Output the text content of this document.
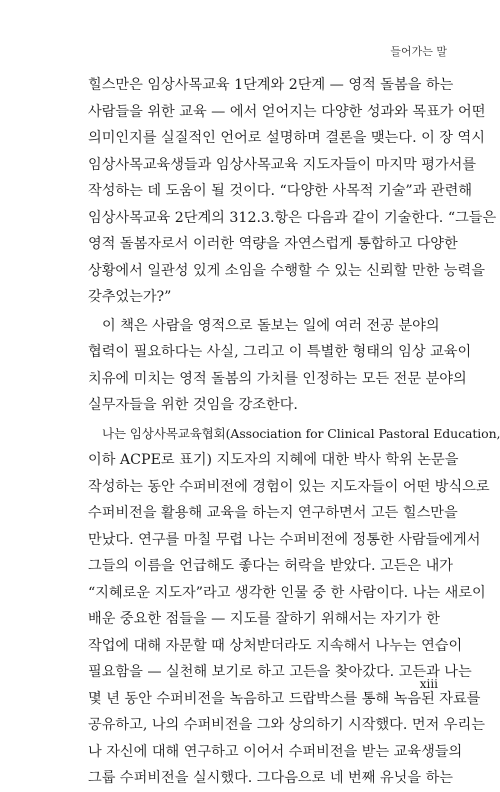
들어가는 말
힐스만은 임상사목교육 1단계와 2단계 — 영적 돌봄을 하는
사람들을 위한 교육 — 에서 얻어지는 다양한 성과와 목표가 어떤
의미인지를 실질적인 언어로 설명하며 결론을 맺는다. 이 장 역시
임상사목교육생들과 임상사목교육 지도자들이 마지막 평가서를
작성하는 데 도움이 될 것이다. “다양한 사목적 기술”과 관련해
임상사목교육 2단계의 312.3.항은 다음과 같이 기술한다. “그들은
영적 돌봄자로서 이러한 역량을 자연스럽게 통합하고 다양한
상황에서 일관성 있게 소임을 수행할 수 있는 신뢰할 만한 능력을
갖추었는가?”
이 책은 사람을 영적으로 돌보는 일에 여러 전공 분야의
협력이 필요하다는 사실, 그리고 이 특별한 형태의 임상 교육이
치유에 미치는 영적 돌봄의 가치를 인정하는 모든 전문 분야의
실무자들을 위한 것임을 강조한다.
나는 임상사목교육협회(Association for Clinical Pastoral Education,
이하 ACPE로 표기) 지도자의 지혜에 대한 박사 학위 논문을
작성하는 동안 수퍼비전에 경험이 있는 지도자들이 어떤 방식으로
수퍼비전을 활용해 교육을 하는지 연구하면서 고든 힐스만을
만났다. 연구를 마칠 무렵 나는 수퍼비전에 정통한 사람들에게서
그들의 이름을 언급해도 좋다는 허락을 받았다. 고든은 내가
“지혜로운 지도자”라고 생각한 인물 중 한 사람이다. 나는 새로이
배운 중요한 점들을 — 지도를 잘하기 위해서는 자기가 한
작업에 대해 자문할 때 상처받더라도 지속해서 나누는 연습이
필요함을 — 실천해 보기로 하고 고든을 찾아갔다. 고든과 나는
몇 년 동안 수퍼비전을 녹음하고 드랍박스를 통해 녹음된 자료를
공유하고, 나의 수퍼비전을 그와 상의하기 시작했다. 먼저 우리는
나 자신에 대해 연구하고 이어서 수퍼비전을 받는 교육생들의
그룹 수퍼비전을 실시했다. 그다음으로 네 번째 유닛을 하는
xiii
